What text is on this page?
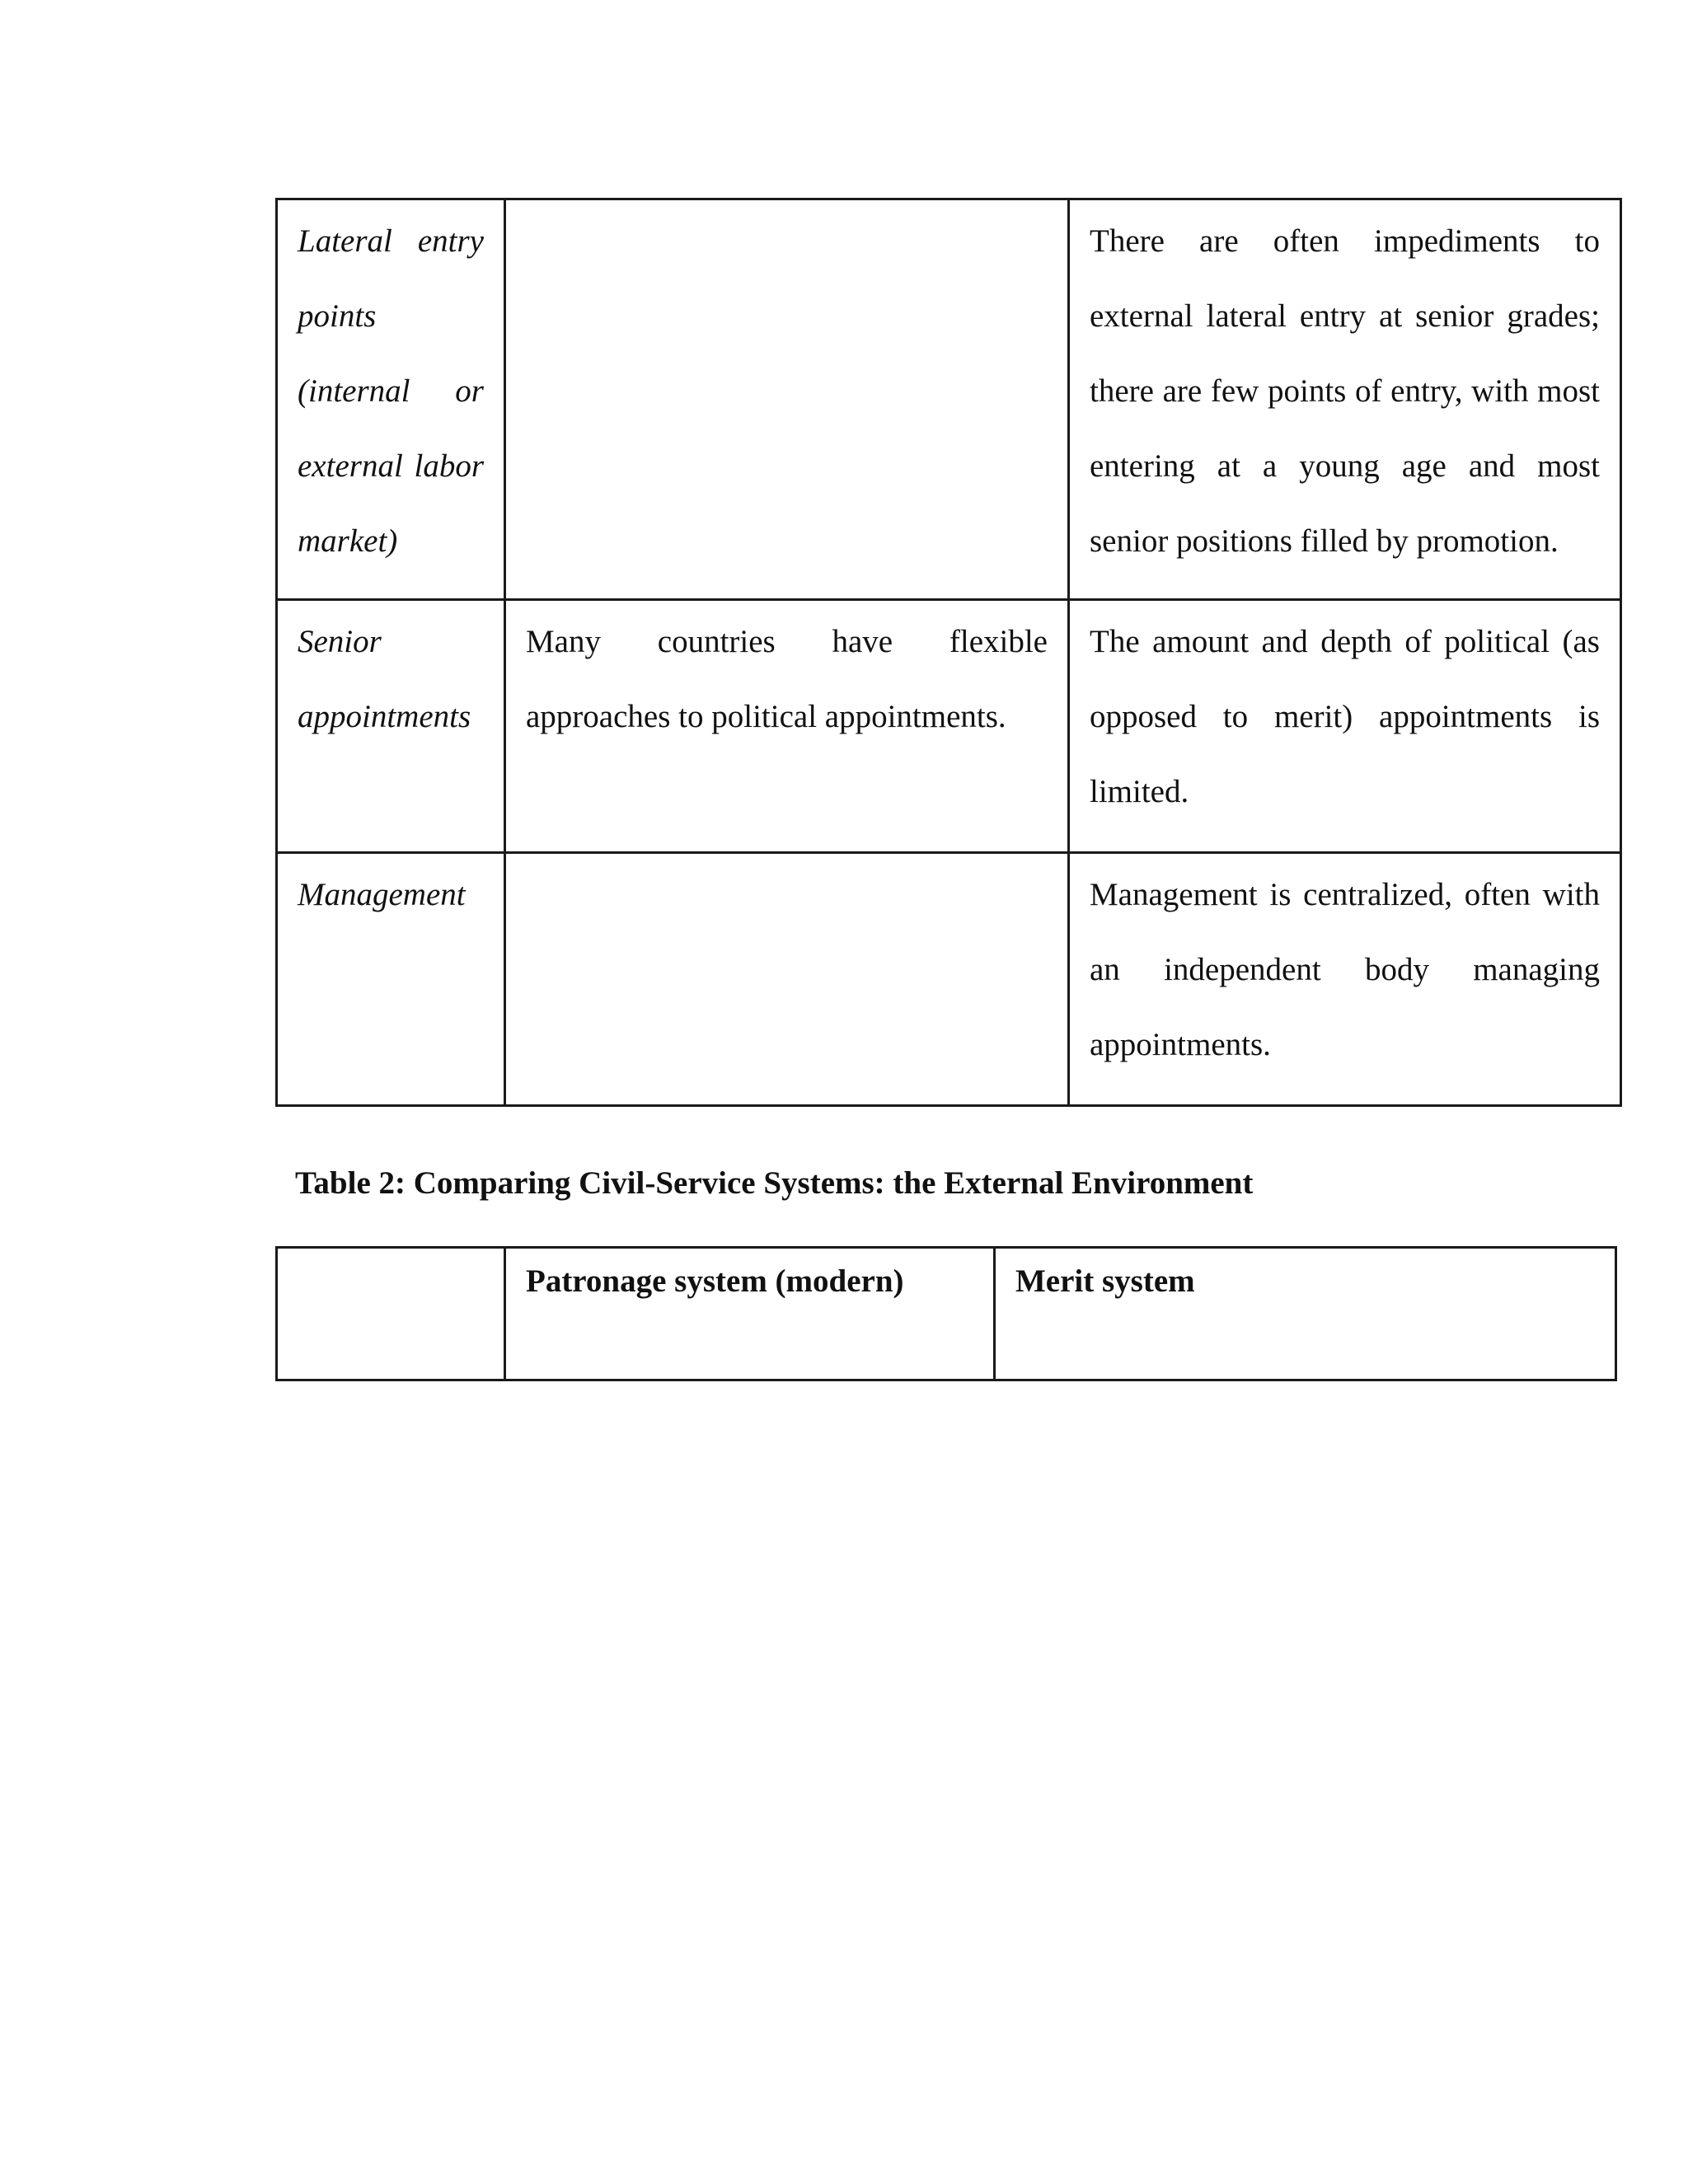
Lateral entry points (internal or external labor market)		There are often impediments to external lateral entry at senior grades; there are few points of entry, with most entering at a young age and most senior positions filled by promotion.
Senior appointments	Many countries have flexible approaches to political appointments.	The amount and depth of political (as opposed to merit) appointments is limited.
Management		Management is centralized, often with an independent body managing appointments.
Table 2: Comparing Civil-Service Systems: the External Environment
	Patronage system (modern)	Merit system
